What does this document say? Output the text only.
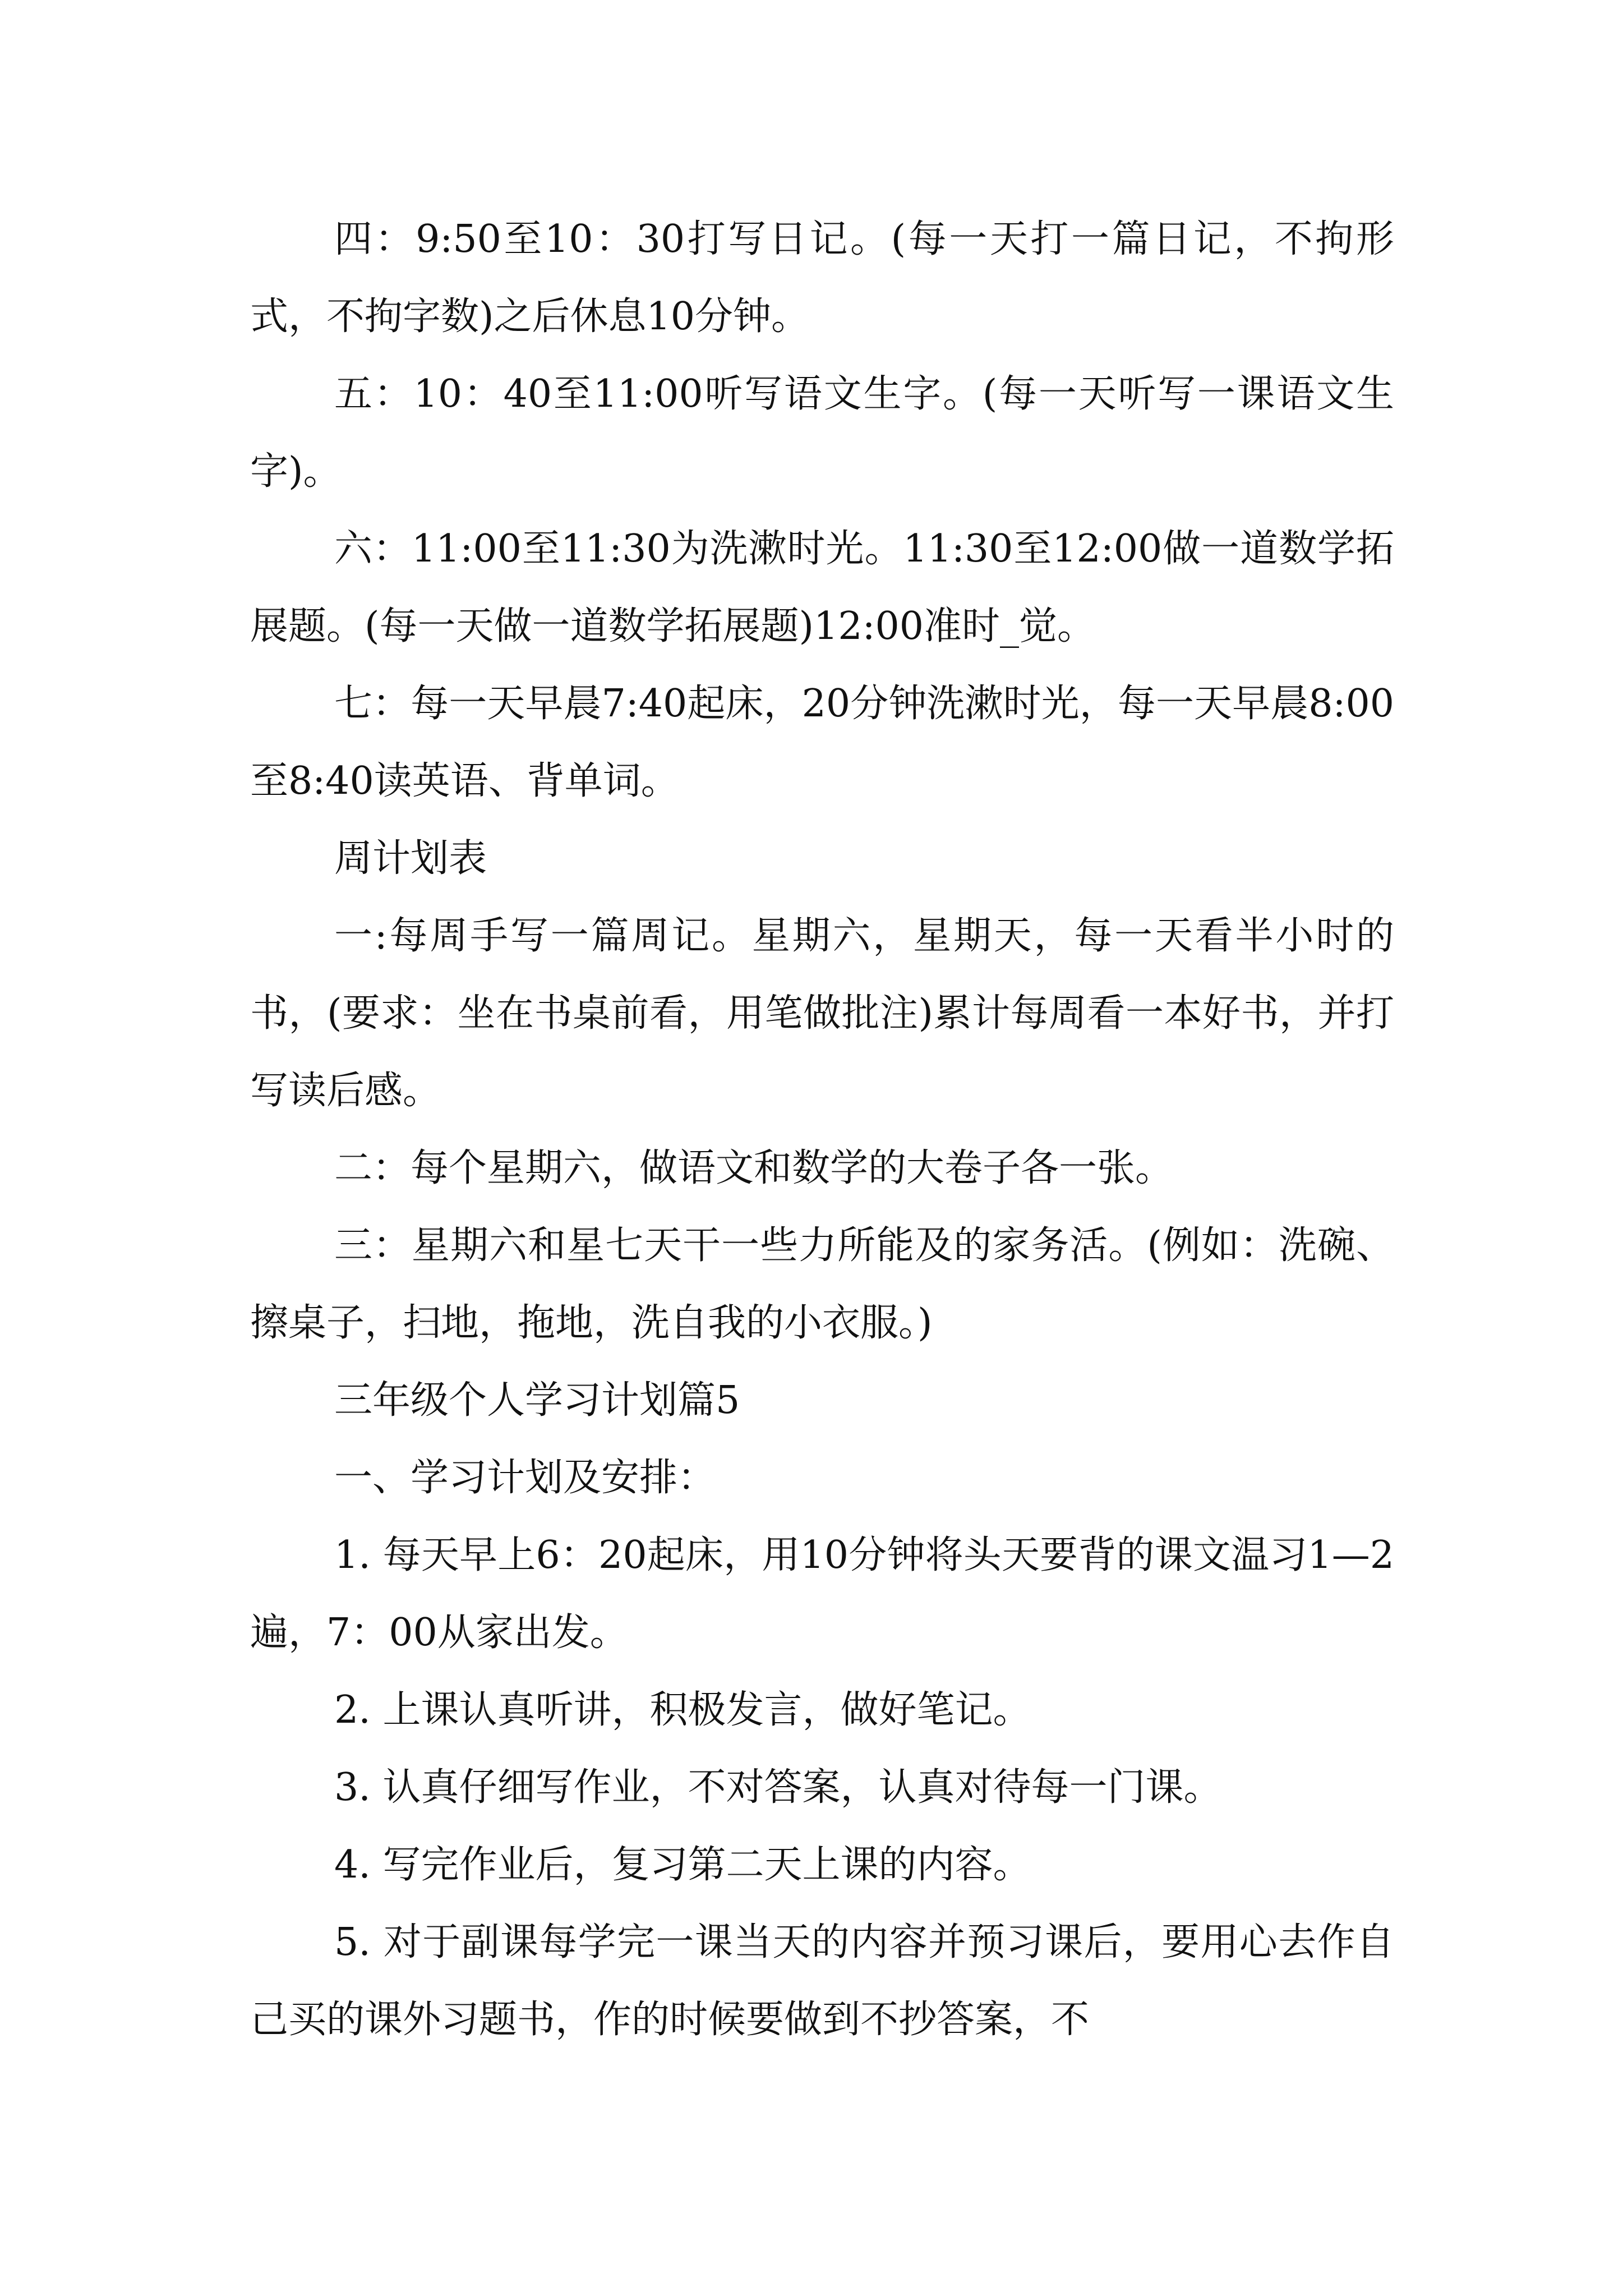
四：9:50至10：30打写日记。(每一天打一篇日记，不拘形式，不拘字数)之后休息10分钟。

五：10：40至11:00听写语文生字。(每一天听写一课语文生字)。

六：11:00至11:30为洗漱时光。11:30至12:00做一道数学拓展题。(每一天做一道数学拓展题)12:00准时_觉。

七：每一天早晨7:40起床，20分钟洗漱时光，每一天早晨8:00至8:40读英语、背单词。

周计划表

一:每周手写一篇周记。星期六，星期天，每一天看半小时的书，(要求：坐在书桌前看，用笔做批注)累计每周看一本好书，并打写读后感。

二：每个星期六，做语文和数学的大卷子各一张。

三：星期六和星七天干一些力所能及的家务活。(例如：洗碗、擦桌子，扫地，拖地，洗自我的小衣服。)

三年级个人学习计划篇5

一、学习计划及安排：

1. 每天早上6：20起床，用10分钟将头天要背的课文温习1—2遍，7：00从家出发。

2. 上课认真听讲，积极发言，做好笔记。

3. 认真仔细写作业，不对答案，认真对待每一门课。

4. 写完作业后，复习第二天上课的内容。

5. 对于副课每学完一课当天的内容并预习课后，要用心去作自己买的课外习题书，作的时候要做到不抄答案，不
